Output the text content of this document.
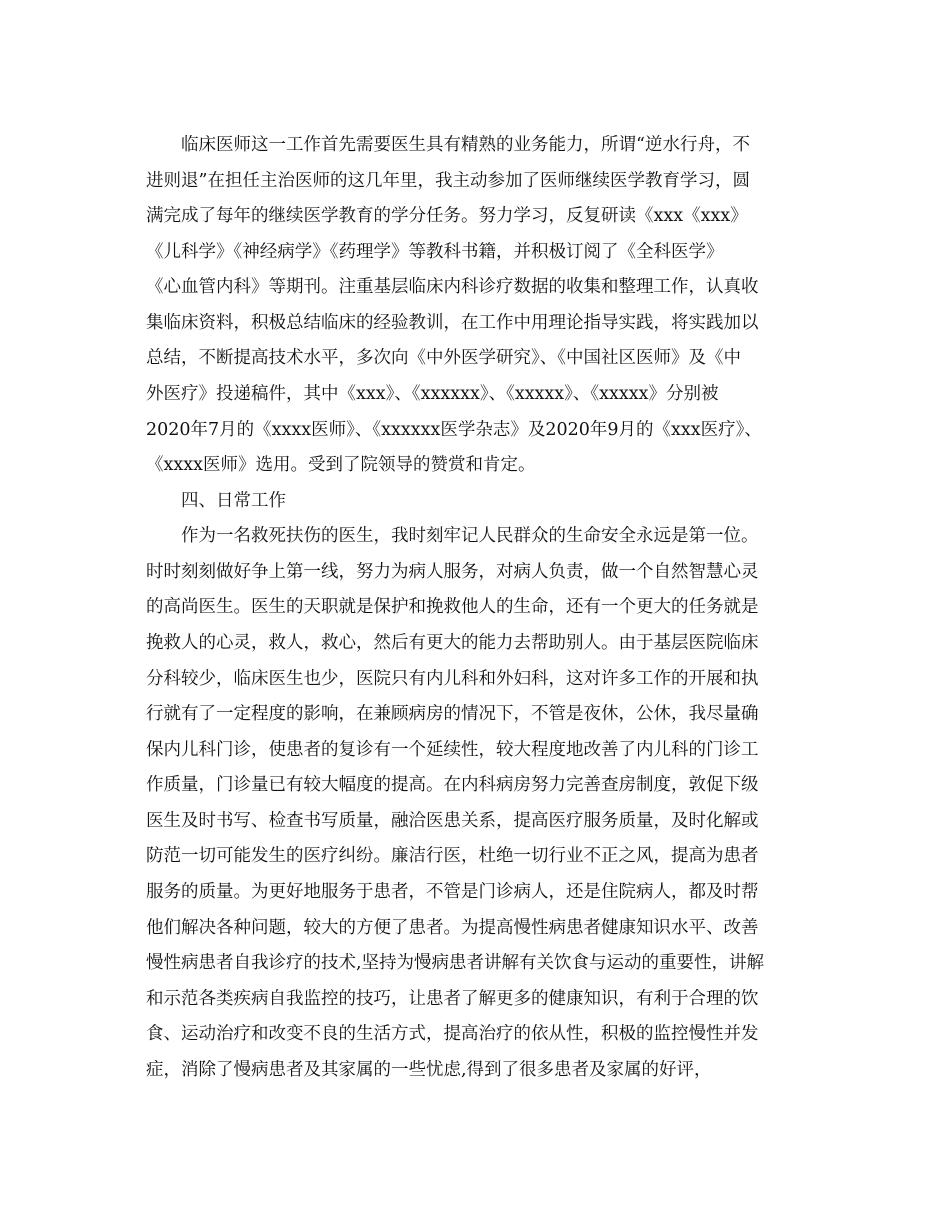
　　临床医师这一工作首先需要医生具有精熟的业务能力，所谓“逆水行舟，不
进则退”在担任主治医师的这几年里，我主动参加了医师继续医学教育学习，圆
满完成了每年的继续医学教育的学分任务。努力学习，反复研读《xxx《xxx》
《儿科学》《神经病学》《药理学》等教科书籍，并积极订阅了《全科医学》
《心血管内科》等期刊。注重基层临床内科诊疗数据的收集和整理工作，认真收
集临床资料，积极总结临床的经验教训，在工作中用理论指导实践，将实践加以
总结，不断提高技术水平，多次向《中外医学研究》、《中国社区医师》及《中
外医疗》投递稿件，其中《xxx》、《xxxxxx》、《xxxxx》、《xxxxx》分别被
2020年7月的《xxxx医师》、《xxxxxx医学杂志》及2020年9月的《xxx医疗》、
《xxxx医师》选用。受到了院领导的赞赏和肯定。
　　四、日常工作
　　作为一名救死扶伤的医生，我时刻牢记人民群众的生命安全永远是第一位。
时时刻刻做好争上第一线，努力为病人服务，对病人负责，做一个自然智慧心灵
的高尚医生。医生的天职就是保护和挽救他人的生命，还有一个更大的任务就是
挽救人的心灵，救人，救心，然后有更大的能力去帮助别人。由于基层医院临床
分科较少，临床医生也少，医院只有内儿科和外妇科，这对许多工作的开展和执
行就有了一定程度的影响，在兼顾病房的情况下，不管是夜休，公休，我尽量确
保内儿科门诊，使患者的复诊有一个延续性，较大程度地改善了内儿科的门诊工
作质量，门诊量已有较大幅度的提高。在内科病房努力完善查房制度，敦促下级
医生及时书写、检查书写质量，融洽医患关系，提高医疗服务质量，及时化解或
防范一切可能发生的医疗纠纷。廉洁行医，杜绝一切行业不正之风，提高为患者
服务的质量。为更好地服务于患者，不管是门诊病人，还是住院病人，都及时帮
他们解决各种问题，较大的方便了患者。为提高慢性病患者健康知识水平、改善
慢性病患者自我诊疗的技术,坚持为慢病患者讲解有关饮食与运动的重要性，讲解
和示范各类疾病自我监控的技巧，让患者了解更多的健康知识，有利于合理的饮
食、运动治疗和改变不良的生活方式，提高治疗的依从性，积极的监控慢性并发
症，消除了慢病患者及其家属的一些忧虑,得到了很多患者及家属的好评，
